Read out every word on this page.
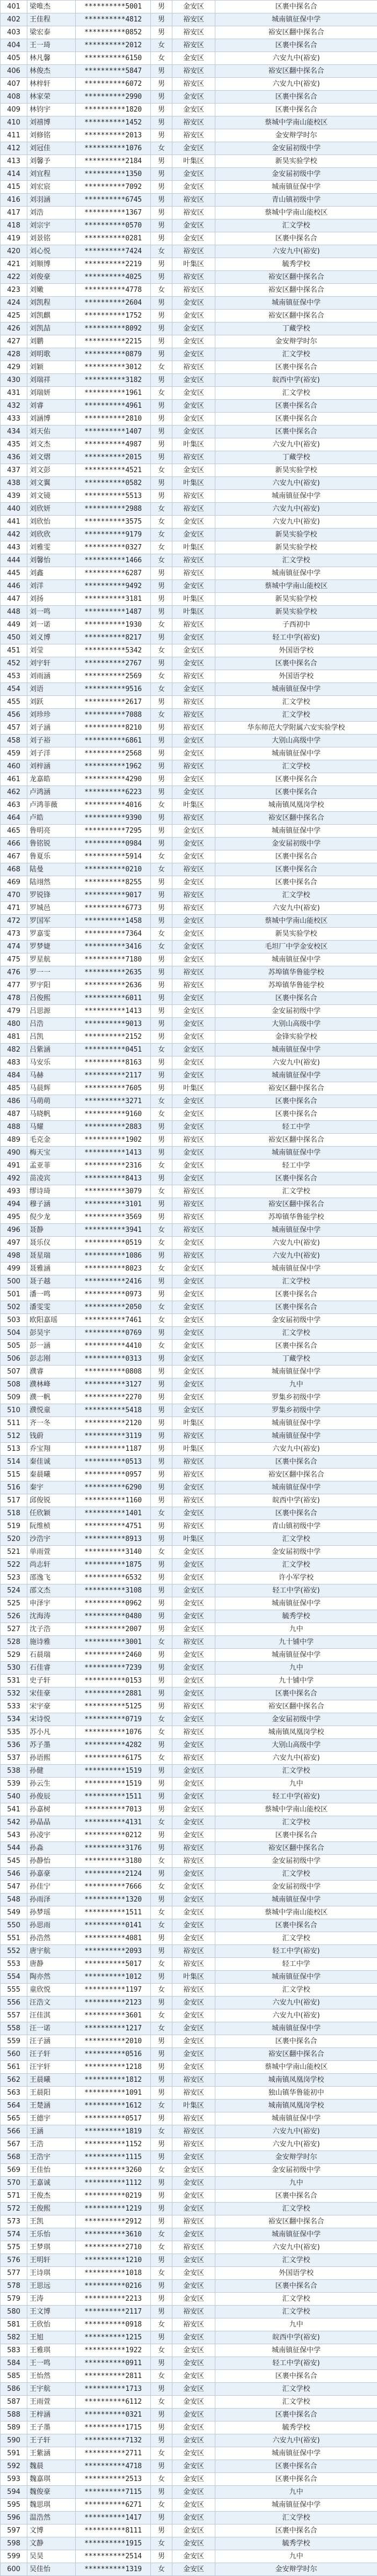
401	梁唯杰	**********5001	男	金安区	区裹中探名合
402	王佳程	**********4812	男	裕安区	城南镇征保中学
403	梁宏泰	**********0852	男	裕安区	裕安区翻中探名合
404	王一琦	**********2012	女	裕安区	区裹中探名合
405	林凡馨	**********6150	女	金安区	六安九中(裕安)
406	林俊杰	**********5847	男	裕安区	裕安区翻中探名合
407	林梓轩	**********6072	男	裕安区	六安九中(裕安)
408	林家荣	**********2990	男	金安区	区裹中探名合
409	林钧宇	**********1820	男	金安区	区裹中探名合
410	刘禧博	**********1452	男	裕安区	蔡城中学南山能校区
411	刘修铭	**********2013	男	裕安区	金安辩学时尔
412	刘冠佳	**********1076	女	金安区	金安届初级中学
413	刘馨予	**********2184	男	叶集区	新昊实验学校
414	刘宜程	**********1350	男	金安区	金安届初级中学
415	刘宏宸	**********7092	男	金安区	城南镇征保中学
416	刘羽涵	**********6745	男	裕安区	青山镇初级中学
417	刘浩	**********1367	男	裕安区	蔡城中学南山能校区
418	刘宗宇	**********0570	男	金安区	汇文学校
419	刘景铭	**********0281	男	金安区	区裹中探名合
420	刘心悦	**********7424	女	裕安区	六安九中(裕安)
421	刘顺博	**********2219	男	叶集区	毓秀学校
422	刘俊豪	**********4025	男	裕安区	裕安区翻中探名合
423	刘嫩	**********4778	女	裕安区	裕安区翻中探名合
424	刘凯程	**********2604	男	金安区	城南镇征保中学
425	刘凯麒	**********1752	男	金安区	裕安区翻中探名合
426	刘凯喆	**********8092	男	金安区	丁藏学校
427	刘鹏	**********2215	男	金安区	金安辩学时尔
428	刘明歌	**********0879	男	金安区	汇文学校
429	刘颖	**********3012	女	裕安区	区裹中探名合
430	刘瑞祥	**********3182	男	金安区	皖西中学(裕安)
431	刘瑞妍	**********1961	女	金安区	汇文学校
432	刘睿	**********4961	男	金安区	区裹中探名合
433	刘涵博	**********2810	男	金安区	区裹中探名合
434	刘天佑	**********1407	男	金安区	区裹中探名合
435	刘文杰	**********4987	男	叶集区	六安九中(裕安)
436	刘文熠	**********2015	男	裕安区	丁藏学校
437	刘文彭	**********4521	女	金安区	新昊实验学校
438	刘文翼	**********0582	男	叶集区	六安九中(裕安)
439	刘文镜	**********5513	男	裕安区	城南镇征保中学
440	刘欣妍	**********2988	女	裕安区	六安九中(裕安)
441	刘欣怡	**********3575	女	金安区	六安九中(裕安)
442	刘欣欣	**********9179	女	金安区	新昊实验学校
443	刘雅雯	**********0327	女	叶集区	新昊实验学校
444	刘馨怡	**********1466	女	裕安区	汇文学校
445	刘鑫	**********6287	男	裕安区	城南镇征保中学
446	刘洋	**********9492	男	金安区	蔡城中学南山能校区
447	刘扬	**********3181	男	叶集区	新昊实验学校
448	刘一鸣	**********1487	男	叶集区	新昊实验学校
449	刘一诺	**********1930	女	裕安区	子西初中
450	刘义博	**********8217	男	金安区	轻工中学(裕安)
451	刘莹	**********5342	女	金安区	外国语学校
452	刘宇轩	**********2767	男	金安区	区裹中探名合
453	刘雨涵	**********2569	女	裕安区	外国语学校
454	刘语	**********9516	女	金安区	城南镇征保中学
455	刘跃	**********2617	男	裕安区	汇文学校
456	刘珍珍	**********7088	女	裕安区	汇文学校
457	刘子涵	**********8210	男	裕安区	华东师范大学附属六安实验学校
458	刘子裕	**********6861	男	金安区	大别山高级中学
459	刘子洋	**********2568	男	金安区	城南镇征保中学
460	刘梓涵	**********1962	男	裕安区	汇文学校
461	龙嘉皓	**********4290	男	金安区	区裹中探名合
462	卢鸿涵	**********6223	男	金安区	区裹中探名合
463	卢鸿菲薇	**********4016	女	叶集区	城南镇凤凰岗学校
464	卢皓	**********9390	男	裕安区	裕安区翻中探名合
465	鲁明亮	**********7295	男	金安区	城南镇征保中学
466	鲁铭锐	**********0984	男	金安区	金安届初级中学
467	鲁夏乐	**********5914	女	金安区	区裹中探名合
468	陆曼	**********0210	女	裕安区	区裹中探名合
469	陆翊然	**********8255	男	金安区	区裹中探名合
470	罗锐锋	**********9017	男	裕安区	汇文学校
471	罗城邑	**********6773	男	裕安区	六安九中(裕安)
472	罗国军	**********1458	男	金安区	蔡城中学南山能校区
473	罗嘉雯	**********7364	女	金安区	新昊实验学校
474	罗梦婕	**********3416	女	金安区	毛坦厂中学金安校区
475	罗星航	**********7180	男	金安区	城南镇征保中学
476	罗一一	**********2635	男	裕安区	苏埠镇华鲁能学校
477	罗宇阳	**********2636	男	裕安区	苏埠镇华鲁能学校
478	吕俊熙	**********6011	男	金安区	区裹中探名合
479	吕思源	**********1413	男	金安区	金安届初级中学
480	吕浩	**********9013	男	金安区	大别山高级中学
481	吕凯	**********2152	男	金安区	金锋实验学校
482	吕紫涵	**********0451	女	金安区	城南镇征保中学
483	马安乐	**********8163	男	金安区	六安九中(裕安)
484	马赫	**********2117	男	金安区	城南镇征保中学
485	马晨辉	**********7605	男	叶集区	裕安区翻中探名合
486	马萌萌	**********3271	女	金安区	区裹中探名合
487	马晓帆	**********9160	女	金安区	区裹中探名合
488	马耀	**********2883	男	金安区	轻工中学
489	毛克金	**********1902	男	裕安区	裕安区翻中探名合
490	梅天宝	**********1413	男	金安区	城南镇征保中学
491	孟亚菲	**********2316	女	金安区	轻工中学
492	苗凌宾	**********8413	男	金安区	区裹中探名合
493	缪诗琦	**********3079	女	裕安区	汇文学校
494	穆子涵	**********3101	男	裕安区	裕安区翻中探名合
495	倪少龙	**********3569	男	裕安区	苏埠镇华鲁能学校
496	聂静	**********3941	女	裕安区	城南镇征保中学
497	聂乐仪	**********0519	女	金安区	六安九中(裕安)
498	聂星瑞	**********1086	男	裕安区	六安九中(裕安)
499	聂雅涵	**********8023	女	金安区	城南镇征保中学
500	聂子越	**********2416	男	金安区	汇文学校
501	潘一鸣	**********0973	男	金安区	区裹中探名合
502	潘雯雯	**********2050	女	金安区	区裹中探名合
503	欧阳嘉瑶	**********7461	女	金安区	金安届初级中学
504	彭昊宇	**********0769	男	金安区	汇文学校
505	彭一涵	**********4410	女	金安区	区裹中探名合
506	彭志刚	**********0313	男	金安区	丁藏学校
507	濮睿	**********0808	男	金安区	城南镇征保中学
508	濮林峰	**********3127	男	金安区	九中
509	濮一帆	**********2270	男	金安区	罗集乡初级中学
510	濮悦童	**********5418	男	金安区	罗集乡初级中学
511	齐一冬	**********2120	男	叶集区	城南镇征保中学
512	钱蔚	**********3119	男	裕安区	城南镇征保中学
513	乔宝翔	**********1187	男	叶集区	六安九中(裕安)
514	秦佳诚	**********0513	男	裕安区	区裹中探名合
515	秦晨曦	**********0957	男	裕安区	裕安区翻中探名合
516	秦宇	**********6290	男	金安区	城南镇征保中学
517	邱俊锐	**********1160	男	裕安区	皖西中学(裕安)
518	任欣颖	**********1401	女	金安区	区裹中探名合
519	阮维桢	**********4751	男	裕安区	青山镇初级中学
520	沙浩宇	**********8913	男	叶集区	汇文学校
521	单雨萱	**********3140	女	金安区	金安届初级中学
522	尚志轩	**********1875	男	金安区	汇文学校
523	邵逸飞	**********6532	男	金安区	许小军学校
524	邵文杰	**********3108	男	金安区	轻工中学(裕安)
525	申泽宇	**********0962	男	金安区	城南镇征保中学
526	沈海涛	**********0480	男	金安区	毓秀学校
527	沈子浩	**********2007	男	金安区	九中
528	施诗雅	**********3001	女	裕安区	九十铺中学
529	石晨瑞	**********2460	男	金安区	城南镇征保中学
530	石佳睿	**********7239	男	金安区	九中
531	史子轩	**********0153	男	金安区	九十铺中学
532	宋佳豪	**********2881	男	金安区	区裹中探名合
533	宋宇豪	**********5125	男	裕安区	裕安区翻中探名合
534	宋诗悦	**********0719	女	金安区	金安届初级中学
535	苏小凡	**********1076	女	裕安区	城南镇凤凰岗学校
536	苏子墨	**********4282	男	金安区	大别山高级中学
537	孙语熙	**********6175	女	裕安区	六安九中(裕安)
538	孙健	**********1519	男	金安区	汇文学校
539	孙云生	**********1519	男	金安区	九中
540	孙俊辰	**********1511	男	金安区	轻工中学(裕安)
541	孙嘉树	**********7013	男	金安区	蔡城中学南山能校区
542	孙晶晶	**********4131	女	金安区	汇文学校
543	孙凌宇	**********0212	男	金安区	区裹中探名合
544	孙淼	**********3176	男	裕安区	裕安区翻中探名合
545	孙静怡	**********3180	女	裕安区	金安届初级中学
546	孙嘉豪	**********2124	男	金安区	汇文学校
547	孙佳宁	**********7666	女	金安区	金安届初级中学
548	孙雨泽	**********1320	男	金安区	城南镇征保中学
549	孙梦瑶	**********1511	女	金安区	蔡城中学南山能校区
550	孙思雨	**********0141	女	金安区	区裹中探名合
551	孙浩然	**********4081	男	金安区	汇文学校
552	唐宇航	**********2093	男	裕安区	轻工中学(裕安)
553	唐静	**********5017	女	裕安区	轻工中学
554	陶亦然	**********1012	男	叶集区	城南镇征保中学
555	童欣悦	**********1197	女	裕安区	汇文学校
556	汪浩文	**********2123	男	金安区	六安九中(裕安)
557	汪佳淇	**********3601	女	金安区	六安九中(裕安)
558	汪一诺	**********1217	女	金安区	城南镇征保中学
559	汪子涵	**********2010	男	金安区	区裹中探名合
560	汪子轩	**********0516	男	金安区	裕安区翻中探名合
561	汪宇轩	**********1218	男	金安区	蔡城中学南山能校区
562	王晨曦	**********1812	男	裕安区	城南镇凤凰岗学校
563	王晨阳	**********1091	男	裕安区	独山镇华鲁能初中
564	王楚涵	**********1612	女	叶集区	城南镇凤凰岗学校
565	王德宇	**********0517	男	裕安区	城南镇征保中学
566	王涵	**********1819	女	裕安区	六安九中(裕安)
567	王浩	**********1152	男	裕安区	六安九中(裕安)
568	王浩宇	**********1115	男	金安区	金安辩学时尔
569	王佳怡	**********3260	女	金安区	金安届初级中学
570	王嘉诚	**********1112	男	金安区	九中
571	王俊杰	**********0219	男	金安区	区裹中探名合
572	王俊熙	**********1219	男	金安区	汇文学校
573	王凯	**********2912	男	裕安区	裕安区翻中探名合
574	王乐怡	**********3610	女	金安区	城南镇征保中学
575	王梦琪	**********2710	女	裕安区	六安九中(裕安)
576	王明轩	**********1210	男	金安区	汇文学校
577	王诗琪	**********1018	女	金安区	外国语学校
578	王思远	**********0216	男	金安区	区裹中探名合
579	王涛	**********2213	男	金安区	汇文学校
580	王文博	**********2117	男	裕安区	汇文学校
581	王欣怡	**********0918	女	裕安区	九中
582	王旭	**********1215	男	金安区	皖西中学(裕安)
583	王雅琪	**********1922	女	金安区	城南镇征保中学
584	王一鸣	**********0911	男	金安区	轻工中学(裕安)
585	王怡然	**********2811	女	金安区	区裹中探名合
586	王宇航	**********1713	男	金安区	汇文学校
587	王雨萱	**********6112	女	金安区	汇文学校
588	王梓涵	**********0321	男	金安区	区裹中探名合
589	王子墨	**********1715	男	金安区	毓秀学校
590	王子轩	**********7132	男	金安区	六安九中(裕安)
591	王紫涵	**********2711	女	金安区	城南镇征保中学
592	魏晨	**********4718	男	金安区	区裹中探名合
593	魏嘉琪	**********2513	女	金安区	区裹中探名合
594	魏俊豪	**********7115	男	金安区	九中
595	魏思琪	**********6271	女	金安区	城南镇征保中学
596	温浩然	**********1417	男	金安区	汇文学校
597	文博	**********8111	男	金安区	区裹中探名合
598	文静	**********1915	女	金安区	毓秀学校
599	吴昊	**********2514	男	金安区	九中
600	吴佳怡	**********1319	女	金安区	金安辩学时尔
